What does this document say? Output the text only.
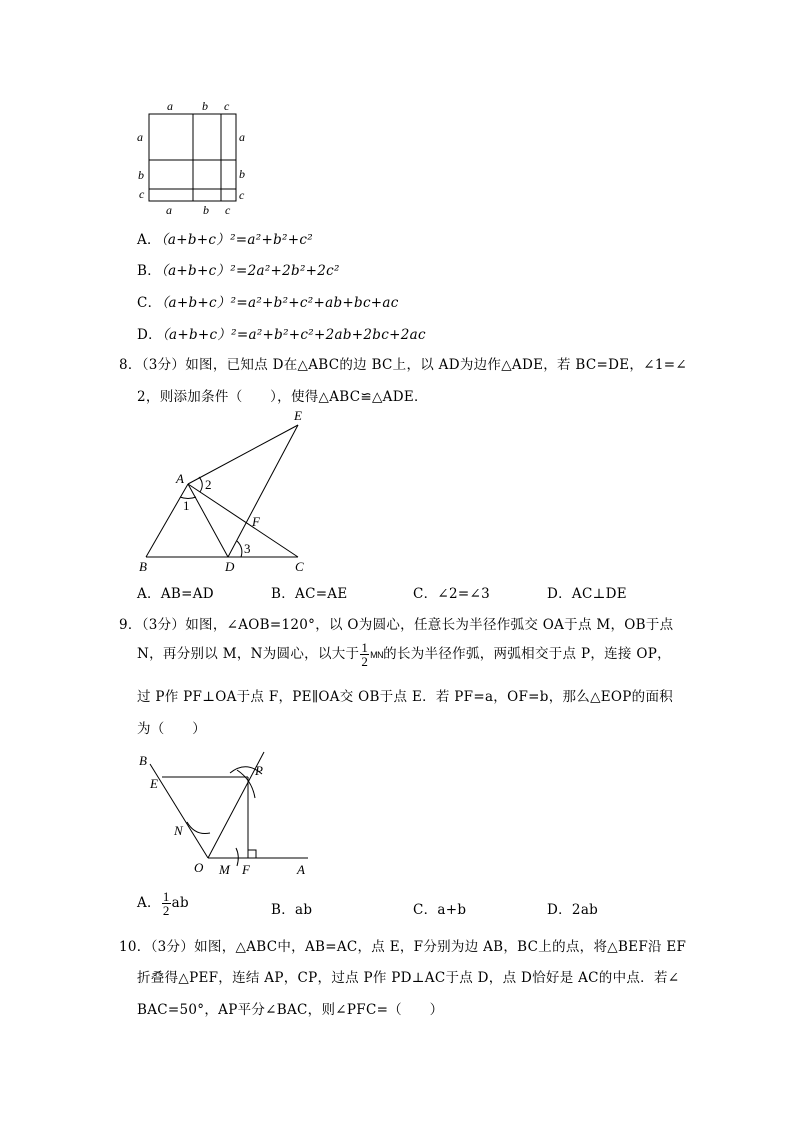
a b c
a
b
c
a
b
c
a	b c
A．（a+b+c）²=a²+b²+c²
B．（a+b+c）²=2a²+2b²+2c²
C．（a+b+c）²=a²+b²+c²+ab+bc+ac
D．（a+b+c）²=a²+b²+c²+2ab+2bc+2ac
8．（3分）如图，已知点 D在△ABC的边 BC上，以 AD为边作△ADE，若 BC=DE，∠1=∠
2，则添加条件（　　），使得△ABC≌△ADE．
E
A
F
B	D	C
2
1
3
A．AB=AD	B．AC=AE	C．∠2=∠3	D．AC⊥DE
9．（3分）如图，∠AOB=120°，以 O为圆心，任意长为半径作弧交 OA于点 M，OB于点
N，再分别以 M，N为圆心，以大于 $\frac{1}{2}$ MN的长为半径作弧，两弧相交于点 P，连接 OP，
过 P作 PF⊥OA于点 F，PE∥OA交 OB于点 E．若 PF=a，OF=b，那么△EOP的面积
为（　　）
B
E
P
N
O M F	A
A． $\frac{1}{2}$ ab	B．ab	C．a+b	D．2ab
10．（3分）如图，△ABC中，AB=AC，点 E，F分别为边 AB，BC上的点，将△BEF沿 EF
折叠得△PEF，连结 AP，CP，过点 P作 PD⊥AC于点 D，点 D恰好是 AC的中点．若∠
BAC=50°，AP平分∠BAC，则∠PFC=（　　）
